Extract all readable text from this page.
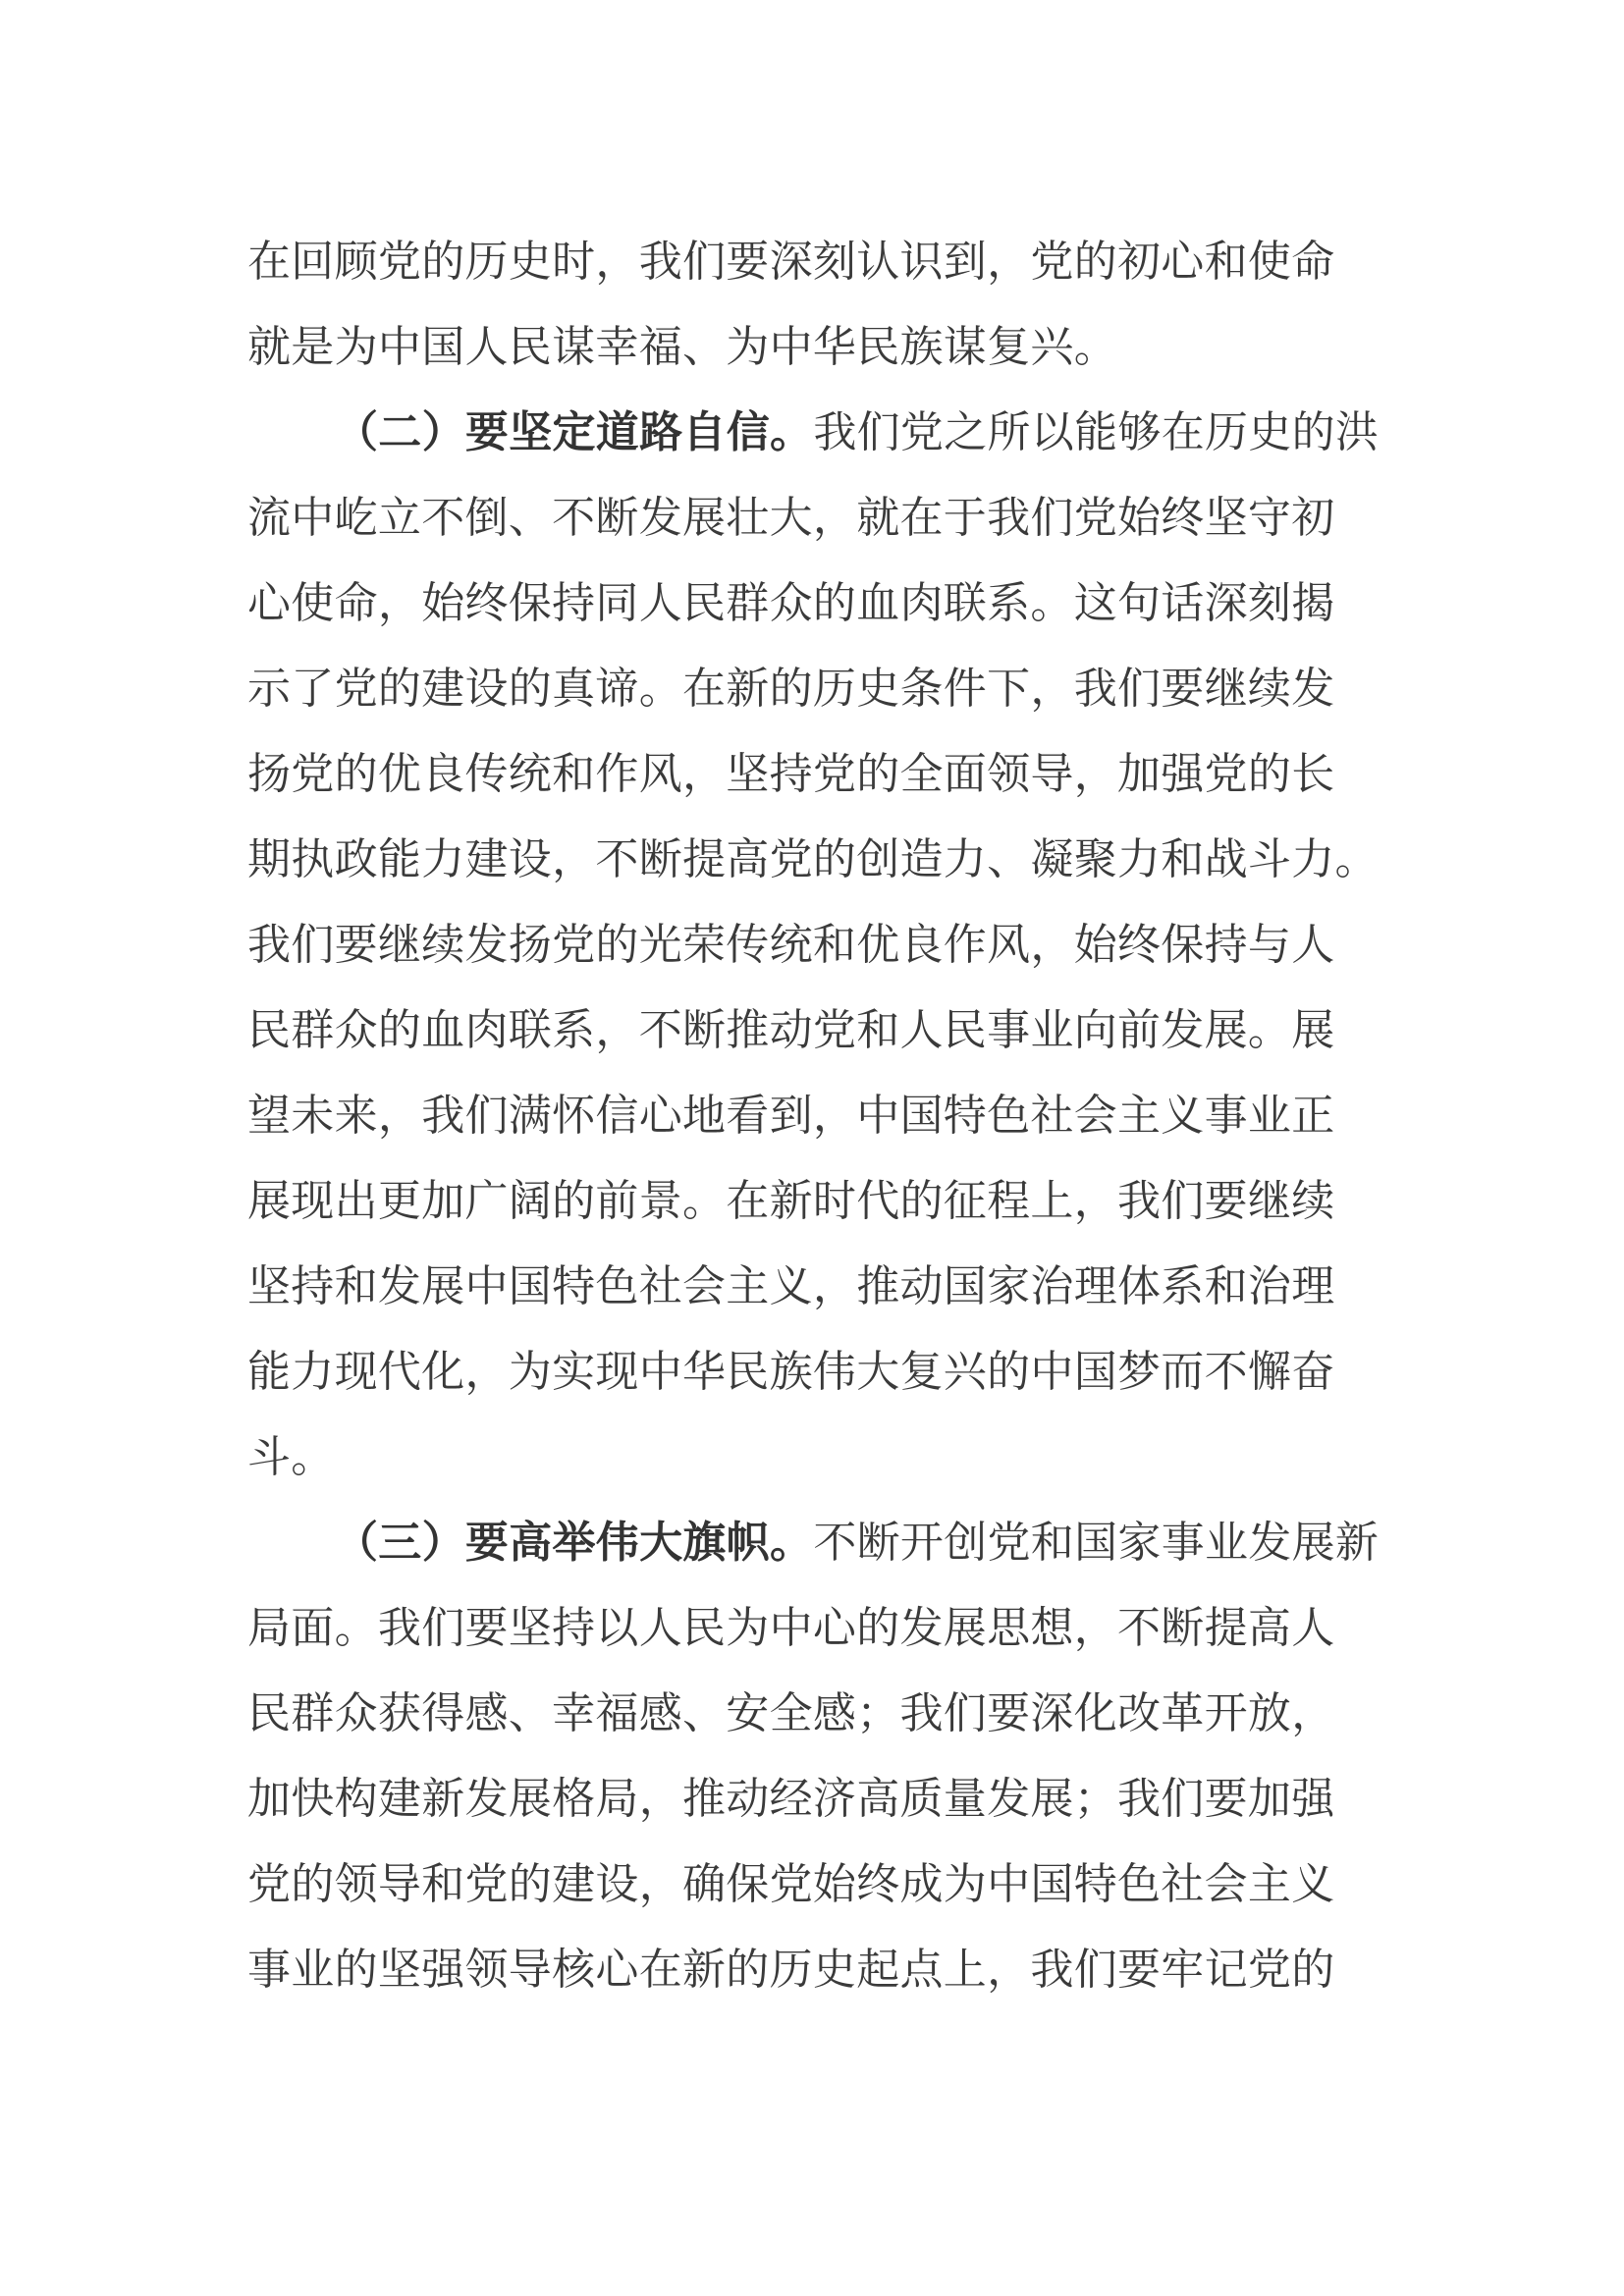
在回顾党的历史时，我们要深刻认识到，党的初心和使命
就是为中国人民谋幸福、为中华民族谋复兴。
（二）要坚定道路自信。我们党之所以能够在历史的洪
流中屹立不倒、不断发展壮大，就在于我们党始终坚守初
心使命，始终保持同人民群众的血肉联系。这句话深刻揭
示了党的建设的真谛。在新的历史条件下，我们要继续发
扬党的优良传统和作风，坚持党的全面领导，加强党的长
期执政能力建设，不断提高党的创造力、凝聚力和战斗力。
我们要继续发扬党的光荣传统和优良作风，始终保持与人
民群众的血肉联系，不断推动党和人民事业向前发展。展
望未来，我们满怀信心地看到，中国特色社会主义事业正
展现出更加广阔的前景。在新时代的征程上，我们要继续
坚持和发展中国特色社会主义，推动国家治理体系和治理
能力现代化，为实现中华民族伟大复兴的中国梦而不懈奋
斗。
（三）要高举伟大旗帜。不断开创党和国家事业发展新
局面。我们要坚持以人民为中心的发展思想，不断提高人
民群众获得感、幸福感、安全感；我们要深化改革开放，
加快构建新发展格局，推动经济高质量发展；我们要加强
党的领导和党的建设，确保党始终成为中国特色社会主义
事业的坚强领导核心在新的历史起点上，我们要牢记党的
